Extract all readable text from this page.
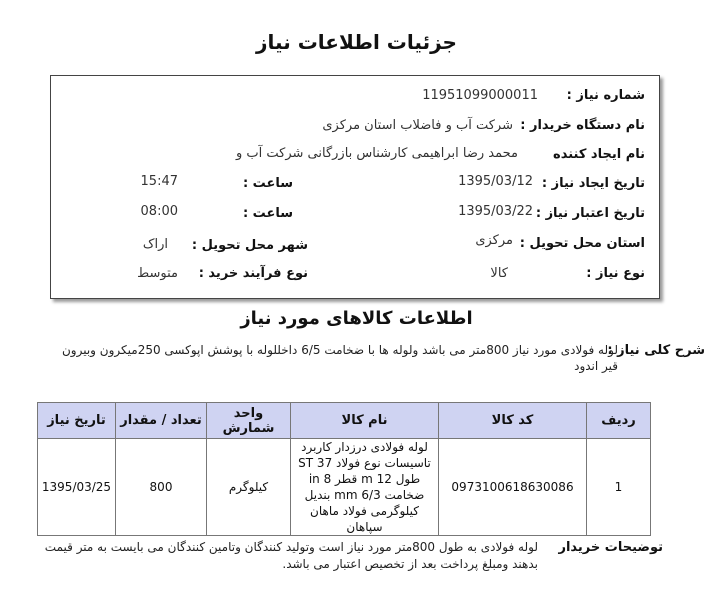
جزئیات اطلاعات نیاز
شماره نیاز :
1195109900001‌1
نام دستگاه خریدار :
شرکت آب و فاضلاب استان مرکزی
نام ایجاد کننده
محمد رضا ابراهیمی کارشناس بازرگانی شرکت آب و
تاریخ ایجاد نیاز :
1395/03/12
ساعت :
15:47
تاریخ اعتبار نیاز :
1395/03/22
ساعت :
08:00
استان محل تحویل :
مرکزی
شهر محل تحویل :
اراک
نوع نیاز :
کالا
نوع فرآیند خرید :
متوسط
اطلاعات کالاهای مورد نیاز
شرح کلی نیاز :
لوله فولادی مورد نیاز 800متر می باشد ولوله ها با ضخامت 6/5 داخللوله با پوشش اپوکسی 250میکرون وبیرون قیر اندود
ردیف	کد کالا	نام کالا	واحد شمارش	تعداد / مقدار	تاریخ نیاز
1	0973100618630086	لوله فولادی درزدار کاربرد تاسیسات نوع فولاد ST 37 طول 12 m قطر 8 in ضخامت 6/3 mm بندیل کیلوگرمی فولاد ماهان سپاهان	کیلوگرم	800	1395/03/25
توضیحات خریدار
لوله فولادی به طول 800متر مورد نیاز است وتولید کنندگان وتامین کنندگان می بایست به متر قیمت بدهند ومبلغ پرداخت بعد از تخصیص اعتبار می باشد.
